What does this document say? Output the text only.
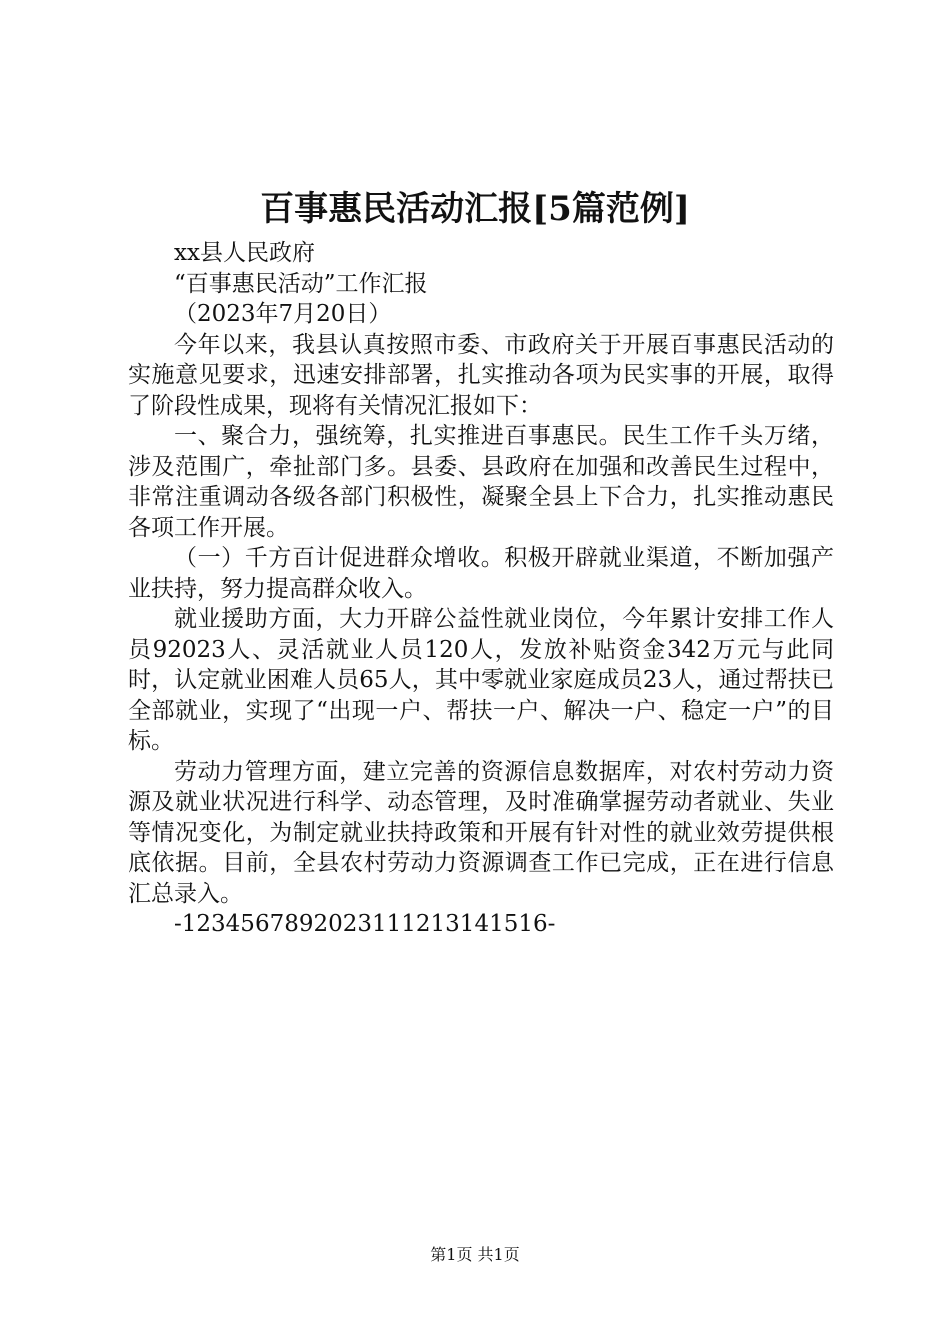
百事惠民活动汇报[5篇范例]

xx县人民政府

“百事惠民活动”工作汇报

（2023年7月20日）

今年以来，我县认真按照市委、市政府关于开展百事惠民活动的实施意见要求，迅速安排部署，扎实推动各项为民实事的开展，取得了阶段性成果，现将有关情况汇报如下：

一、聚合力，强统筹，扎实推进百事惠民。民生工作千头万绪，涉及范围广，牵扯部门多。县委、县政府在加强和改善民生过程中，非常注重调动各级各部门积极性，凝聚全县上下合力，扎实推动惠民各项工作开展。

（一）千方百计促进群众增收。积极开辟就业渠道，不断加强产业扶持，努力提高群众收入。

就业援助方面，大力开辟公益性就业岗位，今年累计安排工作人员92023人、灵活就业人员120人，发放补贴资金342万元与此同时，认定就业困难人员65人，其中零就业家庭成员23人，通过帮扶已全部就业，实现了“出现一户、帮扶一户、解决一户、稳定一户”的目标。

劳动力管理方面，建立完善的资源信息数据库，对农村劳动力资源及就业状况进行科学、动态管理，及时准确掌握劳动者就业、失业等情况变化，为制定就业扶持政策和开展有针对性的就业效劳提供根底依据。目前，全县农村劳动力资源调查工作已完成，正在进行信息汇总录入。

-12345678920231112131415​16-

第1页 共1页
